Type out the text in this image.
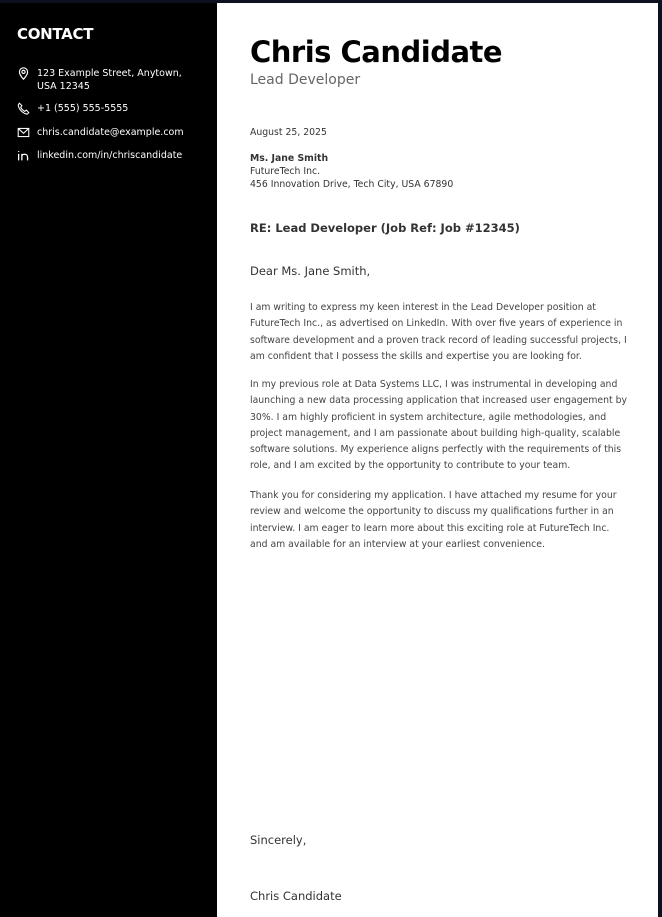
CONTACT
123 Example Street, Anytown, USA 12345
+1 (555) 555-5555
chris.candidate@example.com
linkedin.com/in/chriscandidate
Chris Candidate
Lead Developer
August 25, 2025
Ms. Jane Smith
FutureTech Inc.
456 Innovation Drive, Tech City, USA 67890
RE: Lead Developer (Job Ref: Job #12345)
Dear Ms. Jane Smith,
I am writing to express my keen interest in the Lead Developer position at FutureTech Inc., as advertised on LinkedIn. With over five years of experience in software development and a proven track record of leading successful projects, I am confident that I possess the skills and expertise you are looking for.
In my previous role at Data Systems LLC, I was instrumental in developing and launching a new data processing application that increased user engagement by 30%. I am highly proficient in system architecture, agile methodologies, and project management, and I am passionate about building high-quality, scalable software solutions. My experience aligns perfectly with the requirements of this role, and I am excited by the opportunity to contribute to your team.
Thank you for considering my application. I have attached my resume for your review and welcome the opportunity to discuss my qualifications further in an interview. I am eager to learn more about this exciting role at FutureTech Inc. and am available for an interview at your earliest convenience.
Sincerely,
Chris Candidate
